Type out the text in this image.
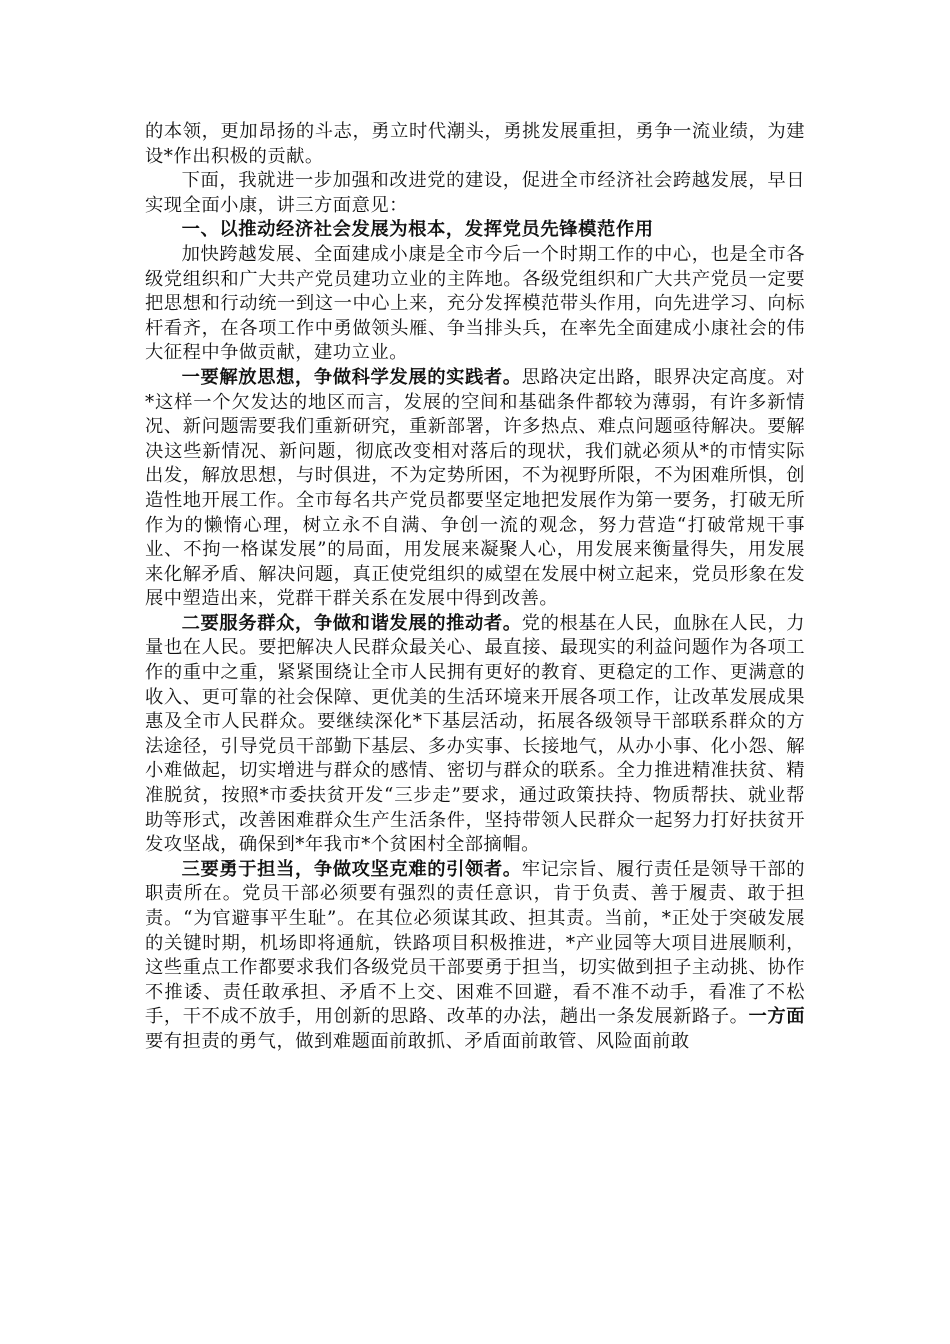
的本领，更加昂扬的斗志，勇立时代潮头，勇挑发展重担，勇争一流业绩，为建设*作出积极的贡献。

下面，我就进一步加强和改进党的建设，促进全市经济社会跨越发展，早日实现全面小康，讲三方面意见：

一、以推动经济社会发展为根本，发挥党员先锋模范作用

加快跨越发展、全面建成小康是全市今后一个时期工作的中心，也是全市各级党组织和广大共产党员建功立业的主阵地。各级党组织和广大共产党员一定要把思想和行动统一到这一中心上来，充分发挥模范带头作用，向先进学习、向标杆看齐，在各项工作中勇做领头雁、争当排头兵，在率先全面建成小康社会的伟大征程中争做贡献，建功立业。

一要解放思想，争做科学发展的实践者。思路决定出路，眼界决定高度。对*这样一个欠发达的地区而言，发展的空间和基础条件都较为薄弱，有许多新情况、新问题需要我们重新研究，重新部署，许多热点、难点问题亟待解决。要解决这些新情况、新问题，彻底改变相对落后的现状，我们就必须从*的市情实际出发，解放思想，与时俱进，不为定势所困，不为视野所限，不为困难所惧，创造性地开展工作。全市每名共产党员都要坚定地把发展作为第一要务，打破无所作为的懒惰心理，树立永不自满、争创一流的观念，努力营造“打破常规干事业、不拘一格谋发展”的局面，用发展来凝聚人心，用发展来衡量得失，用发展来化解矛盾、解决问题，真正使党组织的威望在发展中树立起来，党员形象在发展中塑造出来，党群干群关系在发展中得到改善。

二要服务群众，争做和谐发展的推动者。党的根基在人民，血脉在人民，力量也在人民。要把解决人民群众最关心、最直接、最现实的利益问题作为各项工作的重中之重，紧紧围绕让全市人民拥有更好的教育、更稳定的工作、更满意的收入、更可靠的社会保障、更优美的生活环境来开展各项工作，让改革发展成果惠及全市人民群众。要继续深化*下基层活动，拓展各级领导干部联系群众的方法途径，引导党员干部勤下基层、多办实事、长接地气，从办小事、化小怨、解小难做起，切实增进与群众的感情、密切与群众的联系。全力推进精准扶贫、精准脱贫，按照*市委扶贫开发“三步走”要求，通过政策扶持、物质帮扶、就业帮助等形式，改善困难群众生产生活条件，坚持带领人民群众一起努力打好扶贫开发攻坚战，确保到*年我市*个贫困村全部摘帽。

三要勇于担当，争做攻坚克难的引领者。牢记宗旨、履行责任是领导干部的职责所在。党员干部必须要有强烈的责任意识，肯于负责、善于履责、敢于担责。“为官避事平生耻”。在其位必须谋其政、担其责。当前，*正处于突破发展的关键时期，机场即将通航，铁路项目积极推进，*产业园等大项目进展顺利，这些重点工作都要求我们各级党员干部要勇于担当，切实做到担子主动挑、协作不推诿、责任敢承担、矛盾不上交、困难不回避，看不准不动手，看准了不松手，干不成不放手，用创新的思路、改革的办法，趟出一条发展新路子。一方面要有担责的勇气，做到难题面前敢抓、矛盾面前敢管、风险面前敢
